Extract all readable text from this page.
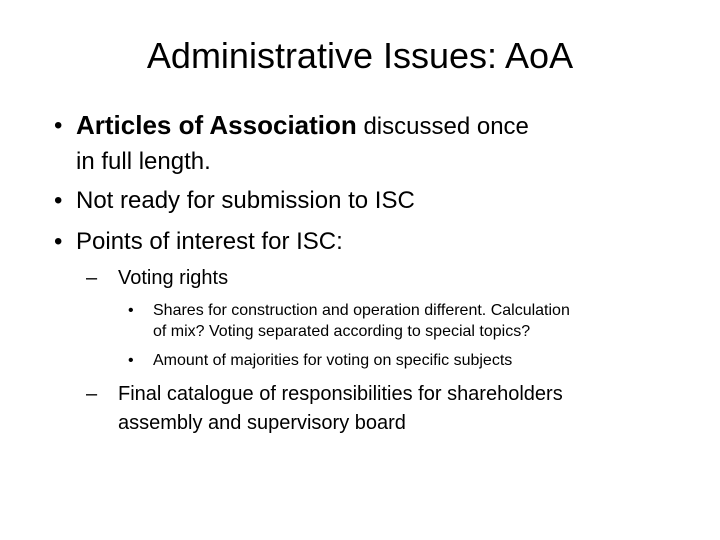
Administrative Issues: AoA
• Articles of Association discussed once
in full length.
• Not ready for submission to ISC
• Points of interest for ISC:
– Voting rights
• Shares for construction and operation different. Calculation
of mix? Voting separated according to special topics?
• Amount of majorities for voting on specific subjects
– Final catalogue of responsibilities for shareholders
assembly and supervisory board
